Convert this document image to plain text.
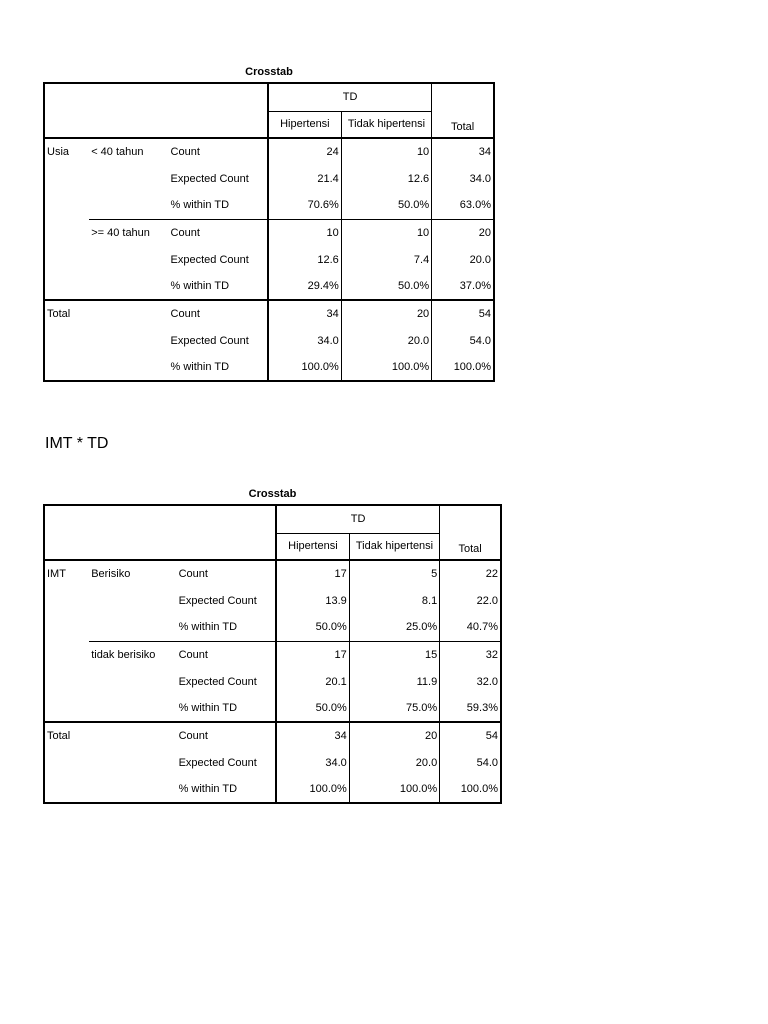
Crosstab
			TD		Total
			Hipertensi	Tidak hipertensi	
Usia	< 40 tahun	Count	24	10	34
		Expected Count	21.4	12.6	34.0
		% within TD	70.6%	50.0%	63.0%
	>= 40 tahun	Count	10	10	20
		Expected Count	12.6	7.4	20.0
		% within TD	29.4%	50.0%	37.0%
Total		Count	34	20	54
		Expected Count	34.0	20.0	54.0
		% within TD	100.0%	100.0%	100.0%
IMT * TD
Crosstab
			TD		Total
			Hipertensi	Tidak hipertensi	
IMT	Berisiko	Count	17	5	22
		Expected Count	13.9	8.1	22.0
		% within TD	50.0%	25.0%	40.7%
	tidak berisiko	Count	17	15	32
		Expected Count	20.1	11.9	32.0
		% within TD	50.0%	75.0%	59.3%
Total		Count	34	20	54
		Expected Count	34.0	20.0	54.0
		% within TD	100.0%	100.0%	100.0%
